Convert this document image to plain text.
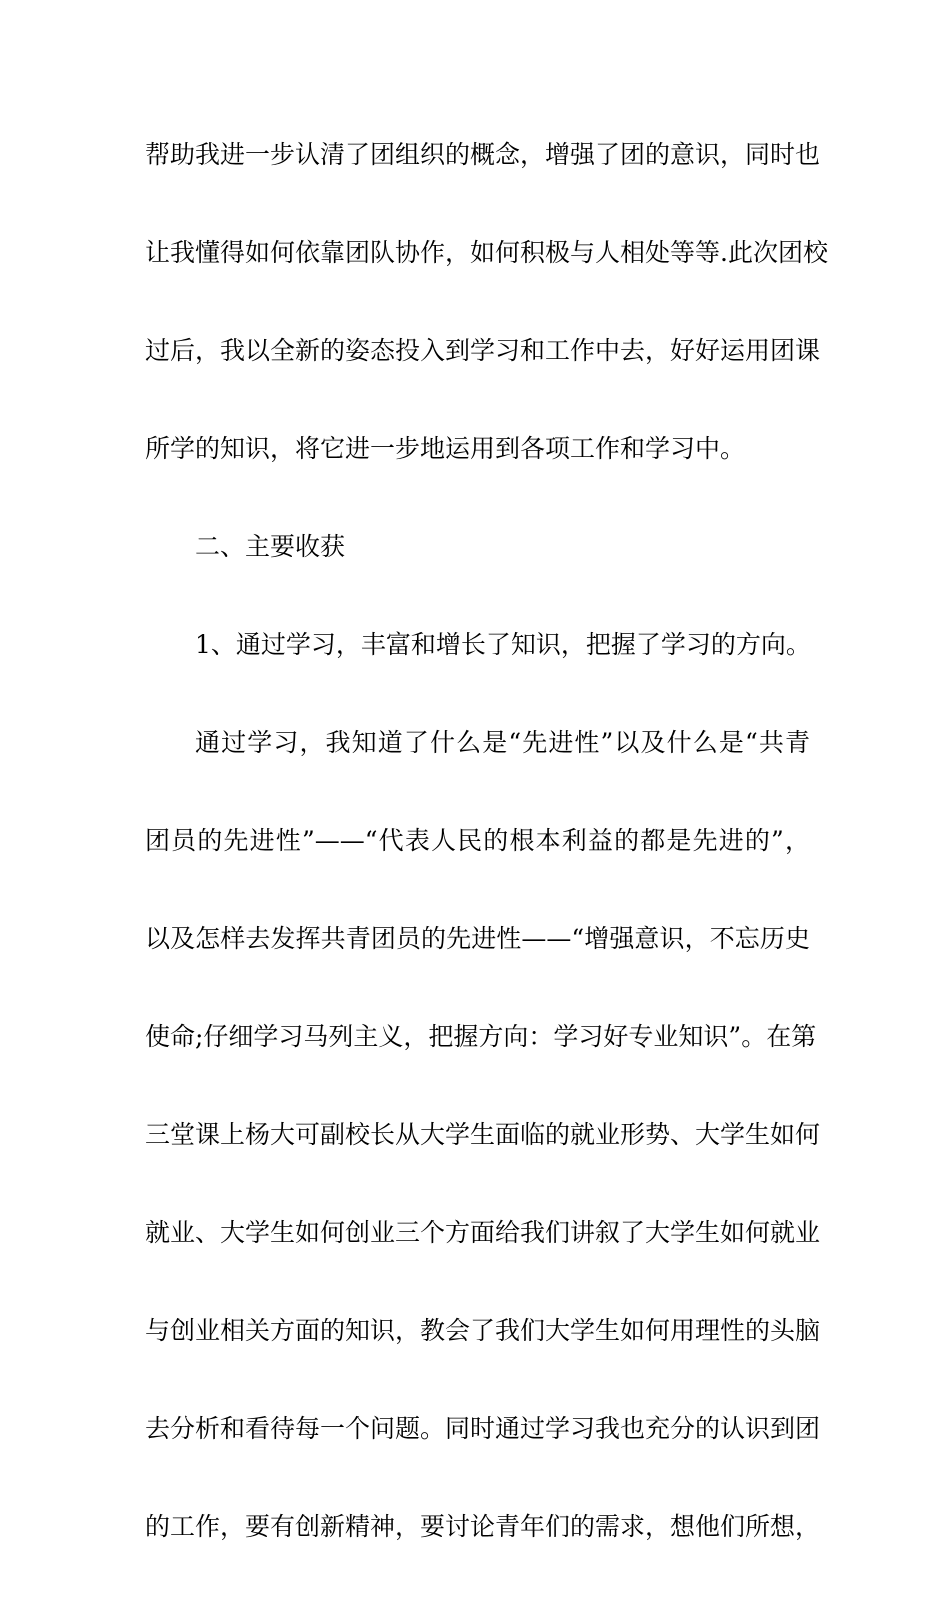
帮助我进一步认清了团组织的概念，增强了团的意识，同时也
让我懂得如何依靠团队协作，如何积极与人相处等等.此次团校
过后，我以全新的姿态投入到学习和工作中去，好好运用团课
所学的知识，将它进一步地运用到各项工作和学习中。
二、主要收获
1、通过学习，丰富和增长了知识，把握了学习的方向。
通过学习，我知道了什么是“先进性”以及什么是“共青
团员的先进性”——“代表人民的根本利益的都是先进的”，
以及怎样去发挥共青团员的先进性——“增强意识，不忘历史
使命;仔细学习马列主义，把握方向：学习好专业知识”。在第
三堂课上杨大可副校长从大学生面临的就业形势、大学生如何
就业、大学生如何创业三个方面给我们讲叙了大学生如何就业
与创业相关方面的知识，教会了我们大学生如何用理性的头脑
去分析和看待每一个问题。同时通过学习我也充分的认识到团
的工作，要有创新精神，要讨论青年们的需求，想他们所想，
